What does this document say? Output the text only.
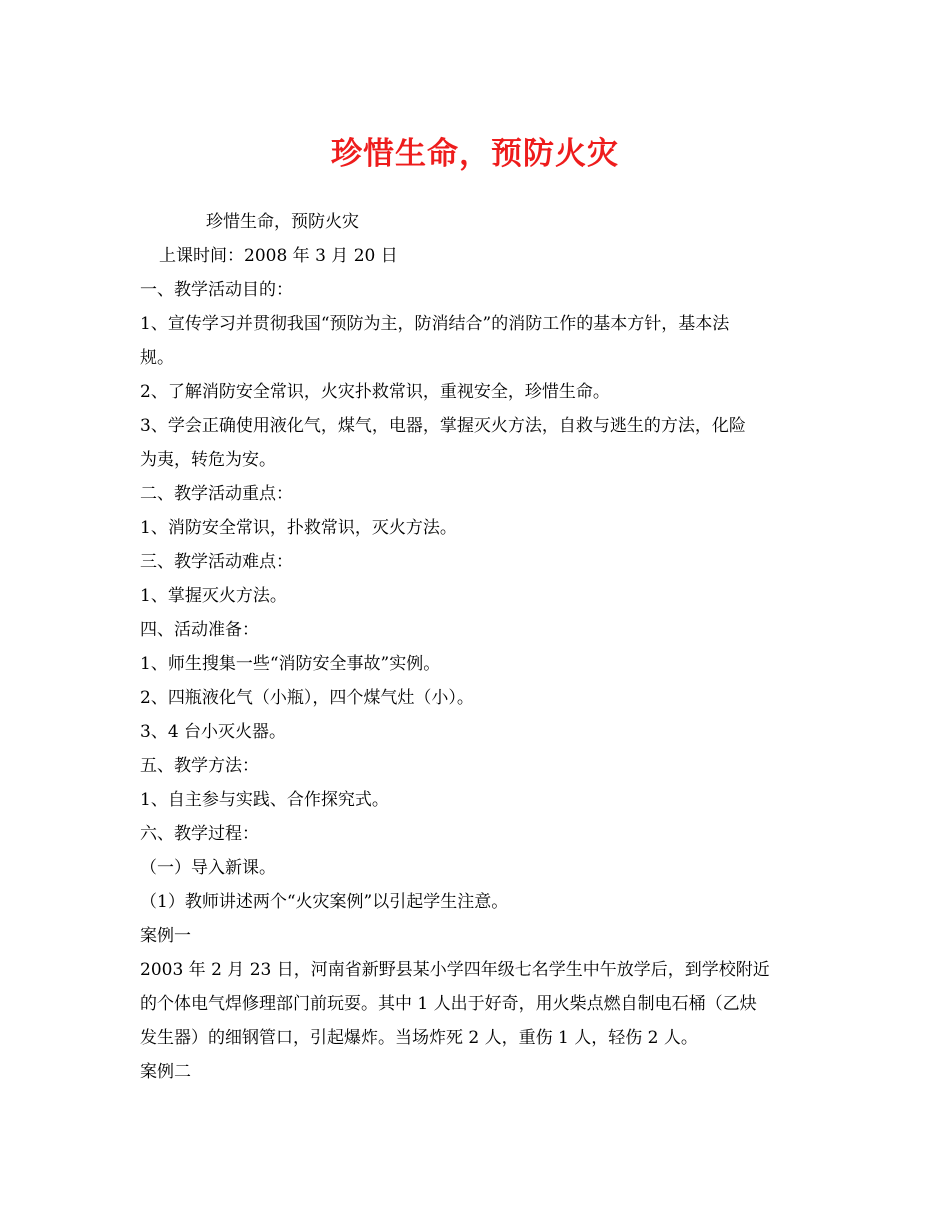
珍惜生命，预防火灾
珍惜生命，预防火灾
上课时间：2008 年 3 月 20 日
一、教学活动目的：
1、宣传学习并贯彻我国“预防为主，防消结合”的消防工作的基本方针，基本法
规。
2、了解消防安全常识，火灾扑救常识，重视安全，珍惜生命。
3、学会正确使用液化气，煤气，电器，掌握灭火方法，自救与逃生的方法，化险
为夷，转危为安。
二、教学活动重点：
1、消防安全常识，扑救常识，灭火方法。
三、教学活动难点：
1、掌握灭火方法。
四、活动准备：
1、师生搜集一些“消防安全事故”实例。
2、四瓶液化气（小瓶），四个煤气灶（小）。
3、4 台小灭火器。
五、教学方法：
1、自主参与实践、合作探究式。
六、教学过程：
（一）导入新课。
（1）教师讲述两个“火灾案例”以引起学生注意。
案例一
2003 年 2 月 23 日，河南省新野县某小学四年级七名学生中午放学后，到学校附近
的个体电气焊修理部门前玩耍。其中 1 人出于好奇，用火柴点燃自制电石桶（乙炔
发生器）的细钢管口，引起爆炸。当场炸死 2 人，重伤 1 人，轻伤 2 人。
案例二
